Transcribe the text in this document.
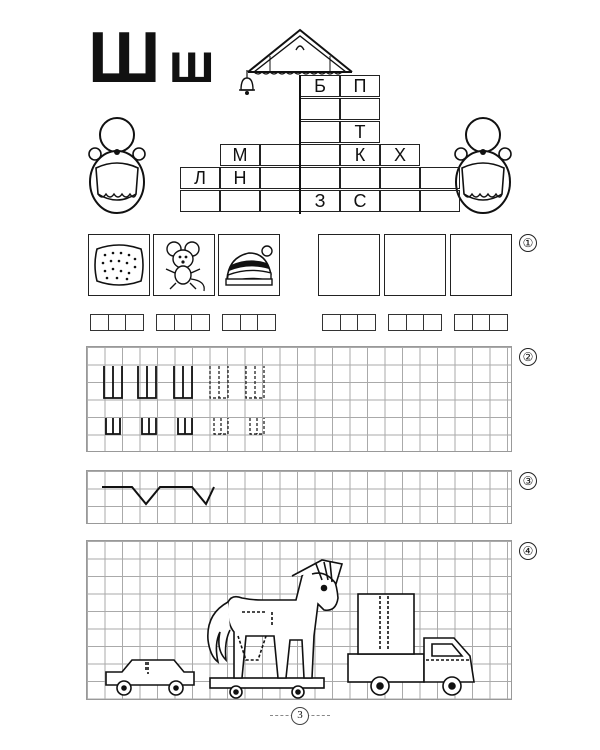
Ш ш	Б	П
Т
М	К	Х
Л	Н
З	С
①
②
③
④
3
